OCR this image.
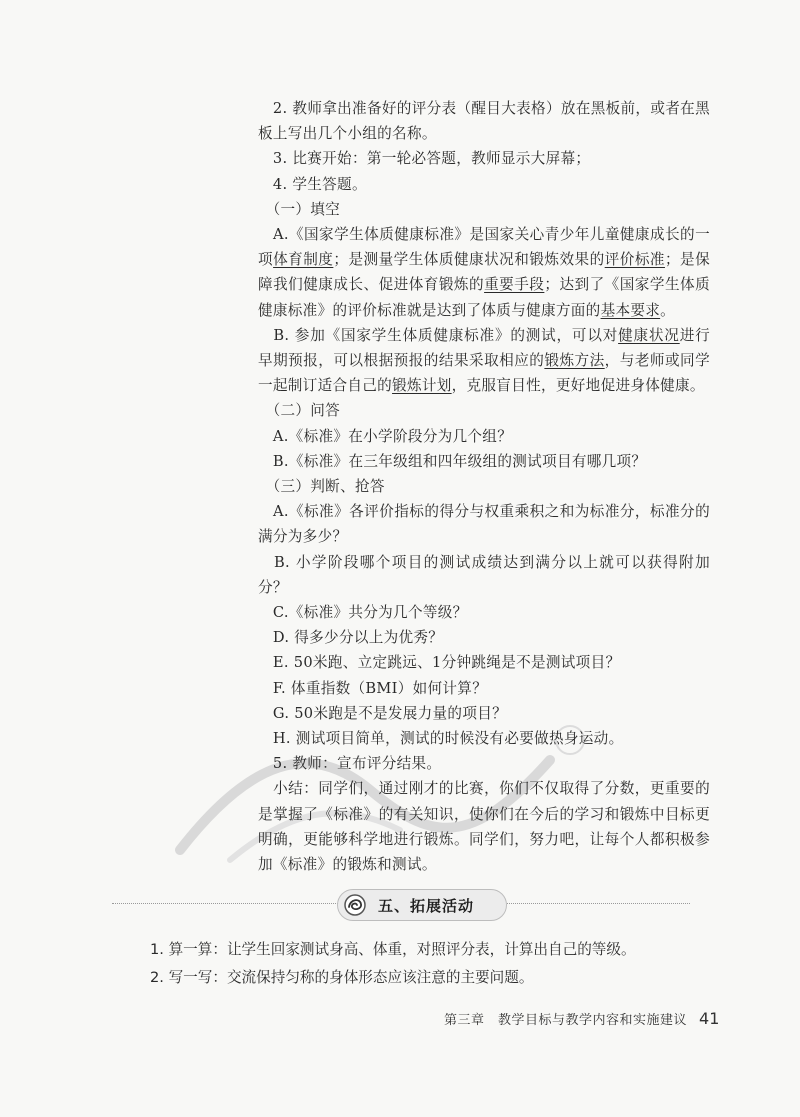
　2. 教师拿出准备好的评分表（醒目大表格）放在黑板前，或者在黑板上写出几个小组的名称。

　3. 比赛开始：第一轮必答题，教师显示大屏幕；

　4. 学生答题。

　（一）填空

　A.《国家学生体质健康标准》是国家关心青少年儿童健康成长的一项体育制度；是测量学生体质健康状况和锻炼效果的评价标准；是保障我们健康成长、促进体育锻炼的重要手段；达到了《国家学生体质健康标准》的评价标准就是达到了体质与健康方面的基本要求。

　B. 参加《国家学生体质健康标准》的测试，可以对健康状况进行早期预报，可以根据预报的结果采取相应的锻炼方法，与老师或同学一起制订适合自己的锻炼计划，克服盲目性，更好地促进身体健康。

　（二）问答

　A.《标准》在小学阶段分为几个组？

　B.《标准》在三年级组和四年级组的测试项目有哪几项？

　（三）判断、抢答

　A.《标准》各评价指标的得分与权重乘积之和为标准分，标准分的满分为多少？

　B. 小学阶段哪个项目的测试成绩达到满分以上就可以获得附加分？

　C.《标准》共分为几个等级？

　D. 得多少分以上为优秀？

　E. 50米跑、立定跳远、1分钟跳绳是不是测试项目？

　F. 体重指数（BMI）如何计算？

　G. 50米跑是不是发展力量的项目？

　H. 测试项目简单，测试的时候没有必要做热身运动。

　5. 教师：宣布评分结果。

　小结：同学们，通过刚才的比赛，你们不仅取得了分数，更重要的是掌握了《标准》的有关知识，使你们在今后的学习和锻炼中目标更明确，更能够科学地进行锻炼。同学们，努力吧，让每个人都积极参加《标准》的锻炼和测试。

五、拓展活动

1. 算一算：让学生回家测试身高、体重，对照评分表，计算出自己的等级。

2. 写一写：交流保持匀称的身体形态应该注意的主要问题。

第三章　教学目标与教学内容和实施建议 41
